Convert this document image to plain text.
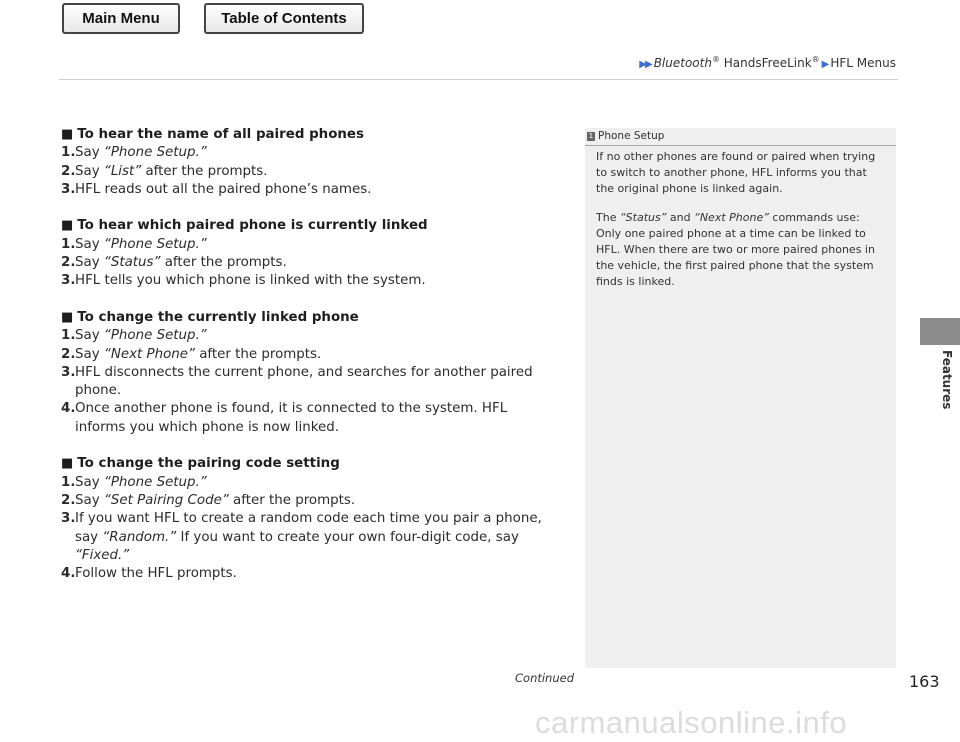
Main Menu	Table of Contents
▶▶ Bluetooth® HandsFreeLink® ▶ HFL Menus
■ To hear the name of all paired phones
1. Say “Phone Setup.”
2. Say “List” after the prompts.
3. HFL reads out all the paired phone’s names.
■ To hear which paired phone is currently linked
1. Say “Phone Setup.”
2. Say “Status” after the prompts.
3. HFL tells you which phone is linked with the system.
■ To change the currently linked phone
1. Say “Phone Setup.”
2. Say “Next Phone” after the prompts.
3. HFL disconnects the current phone, and searches for another paired phone.
4. Once another phone is found, it is connected to the system. HFL informs you which phone is now linked.
■ To change the pairing code setting
1. Say “Phone Setup.”
2. Say “Set Pairing Code” after the prompts.
3. If you want HFL to create a random code each time you pair a phone, say “Random.” If you want to create your own four-digit code, say “Fixed.”
4. Follow the HFL prompts.
1 Phone Setup

If no other phones are found or paired when trying to switch to another phone, HFL informs you that the original phone is linked again.

The “Status” and “Next Phone” commands use:

Only one paired phone at a time can be linked to HFL. When there are two or more paired phones in the vehicle, the first paired phone that the system finds is linked.

Features
Continued	163
carmanualsonline.info
